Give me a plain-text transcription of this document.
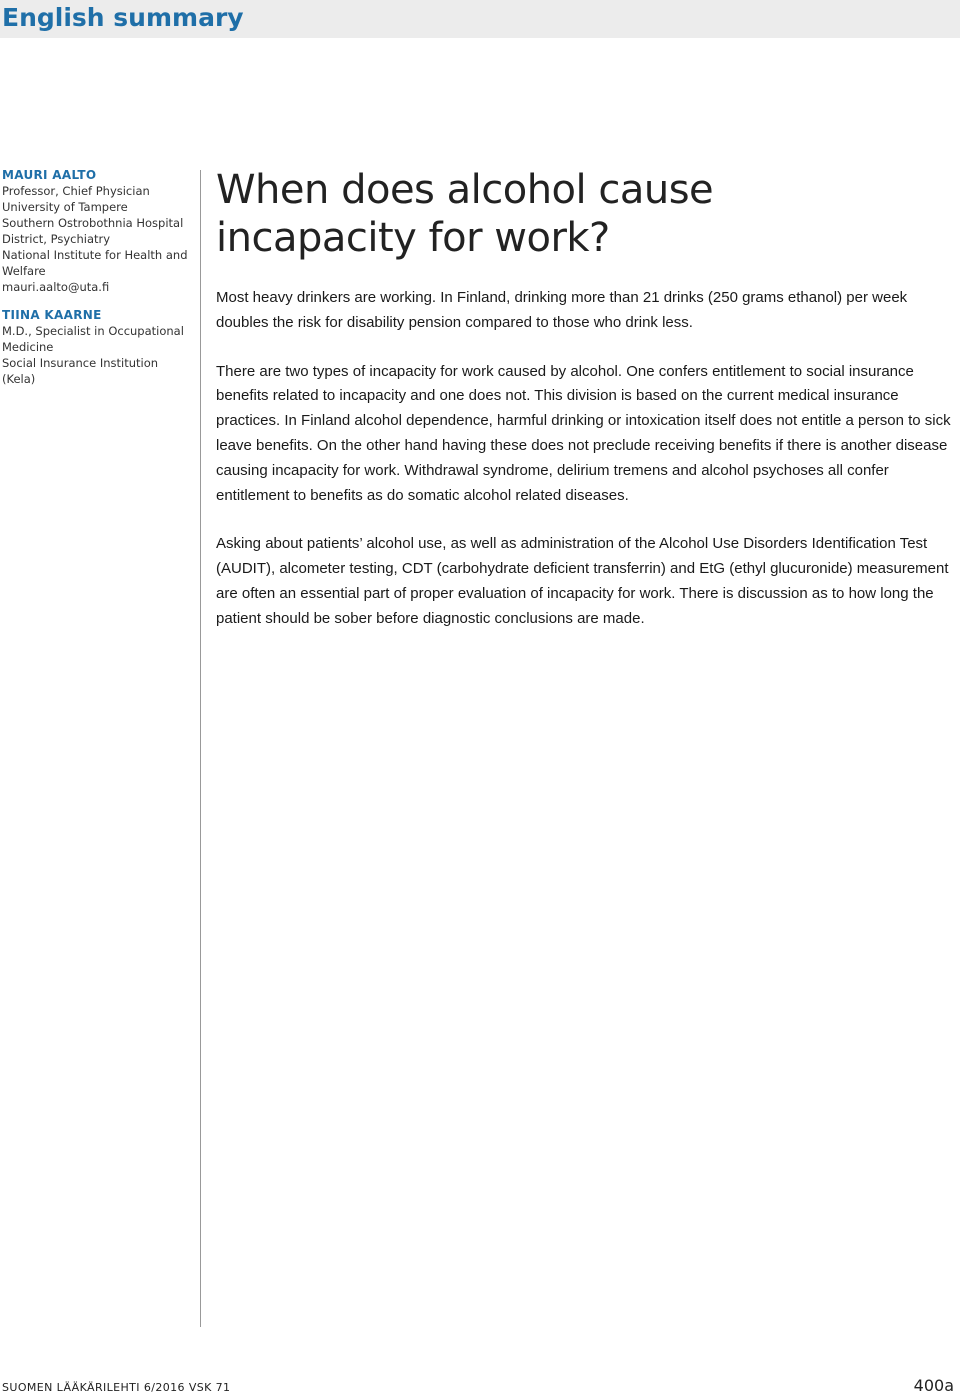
English summary
MAURI AALTO
Professor, Chief Physician
University of Tampere
Southern Ostrobothnia Hospital
District, Psychiatry
National Institute for Health and
Welfare
mauri.aalto@uta.fi
TIINA KAARNE
M.D., Specialist in Occupational
Medicine
Social Insurance Institution
(Kela)
When does alcohol cause
incapacity for work?

Most heavy drinkers are working. In Finland, drinking more than 21 drinks (250 grams ethanol) per week doubles the risk for disability pension compared to those who drink less.

There are two types of incapacity for work caused by alcohol. One confers entitlement to social insurance benefits related to incapacity and one does not. This division is based on the current medical insurance practices. In Finland alcohol dependence, harmful drinking or intoxication itself does not entitle a person to sick leave benefits. On the other hand having these does not preclude receiving benefits if there is another disease causing incapacity for work. Withdrawal syndrome, delirium tremens and alcohol psychoses all confer entitlement to benefits as do somatic alcohol related diseases.

Asking about patients’ alcohol use, as well as administration of the Alcohol Use Disorders Identification Test (AUDIT), alcometer testing, CDT (carbohydrate deficient transferrin) and EtG (ethyl glucuronide) measurement are often an essential part of proper evaluation of incapacity for work. There is discussion as to how long the patient should be sober before diagnostic conclusions are made.

SUOMEN LÄÄKÄRILEHTI 6/2016 VSK 71	400a
